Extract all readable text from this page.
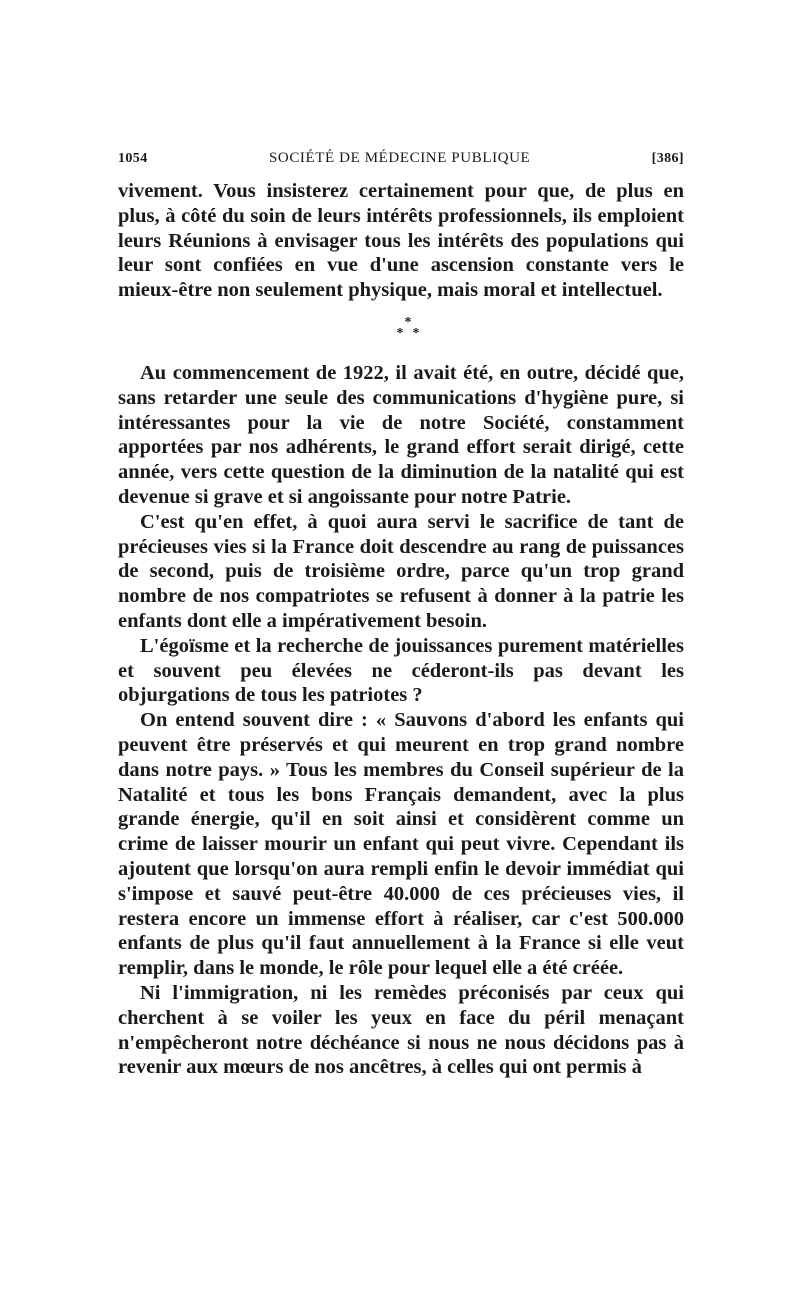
1054	SOCIÉTÉ DE MÉDECINE PUBLIQUE	[386]

vivement. Vous insisterez certainement pour que, de plus en plus, à côté du soin de leurs intérêts professionnels, ils emploient leurs Réunions à envisager tous les intérêts des populations qui leur sont confiées en vue d'une ascension constante vers le mieux-être non seulement physique, mais moral et intellectuel.

*
**

Au commencement de 1922, il avait été, en outre, décidé que, sans retarder une seule des communications d'hygiène pure, si intéressantes pour la vie de notre Société, constamment apportées par nos adhérents, le grand effort serait dirigé, cette année, vers cette question de la diminution de la natalité qui est devenue si grave et si angoissante pour notre Patrie.

C'est qu'en effet, à quoi aura servi le sacrifice de tant de précieuses vies si la France doit descendre au rang de puissances de second, puis de troisième ordre, parce qu'un trop grand nombre de nos compatriotes se refusent à donner à la patrie les enfants dont elle a impérativement besoin.

L'égoïsme et la recherche de jouissances purement matérielles et souvent peu élevées ne céderont-ils pas devant les objurgations de tous les patriotes ?

On entend souvent dire : « Sauvons d'abord les enfants qui peuvent être préservés et qui meurent en trop grand nombre dans notre pays. » Tous les membres du Conseil supérieur de la Natalité et tous les bons Français demandent, avec la plus grande énergie, qu'il en soit ainsi et considèrent comme un crime de laisser mourir un enfant qui peut vivre. Cependant ils ajoutent que lorsqu'on aura rempli enfin le devoir immédiat qui s'impose et sauvé peut-être 40.000 de ces précieuses vies, il restera encore un immense effort à réaliser, car c'est 500.000 enfants de plus qu'il faut annuellement à la France si elle veut remplir, dans le monde, le rôle pour lequel elle a été créée.

Ni l'immigration, ni les remèdes préconisés par ceux qui cherchent à se voiler les yeux en face du péril menaçant n'empêcheront notre déchéance si nous ne nous décidons pas à revenir aux mœurs de nos ancêtres, à celles qui ont permis à
